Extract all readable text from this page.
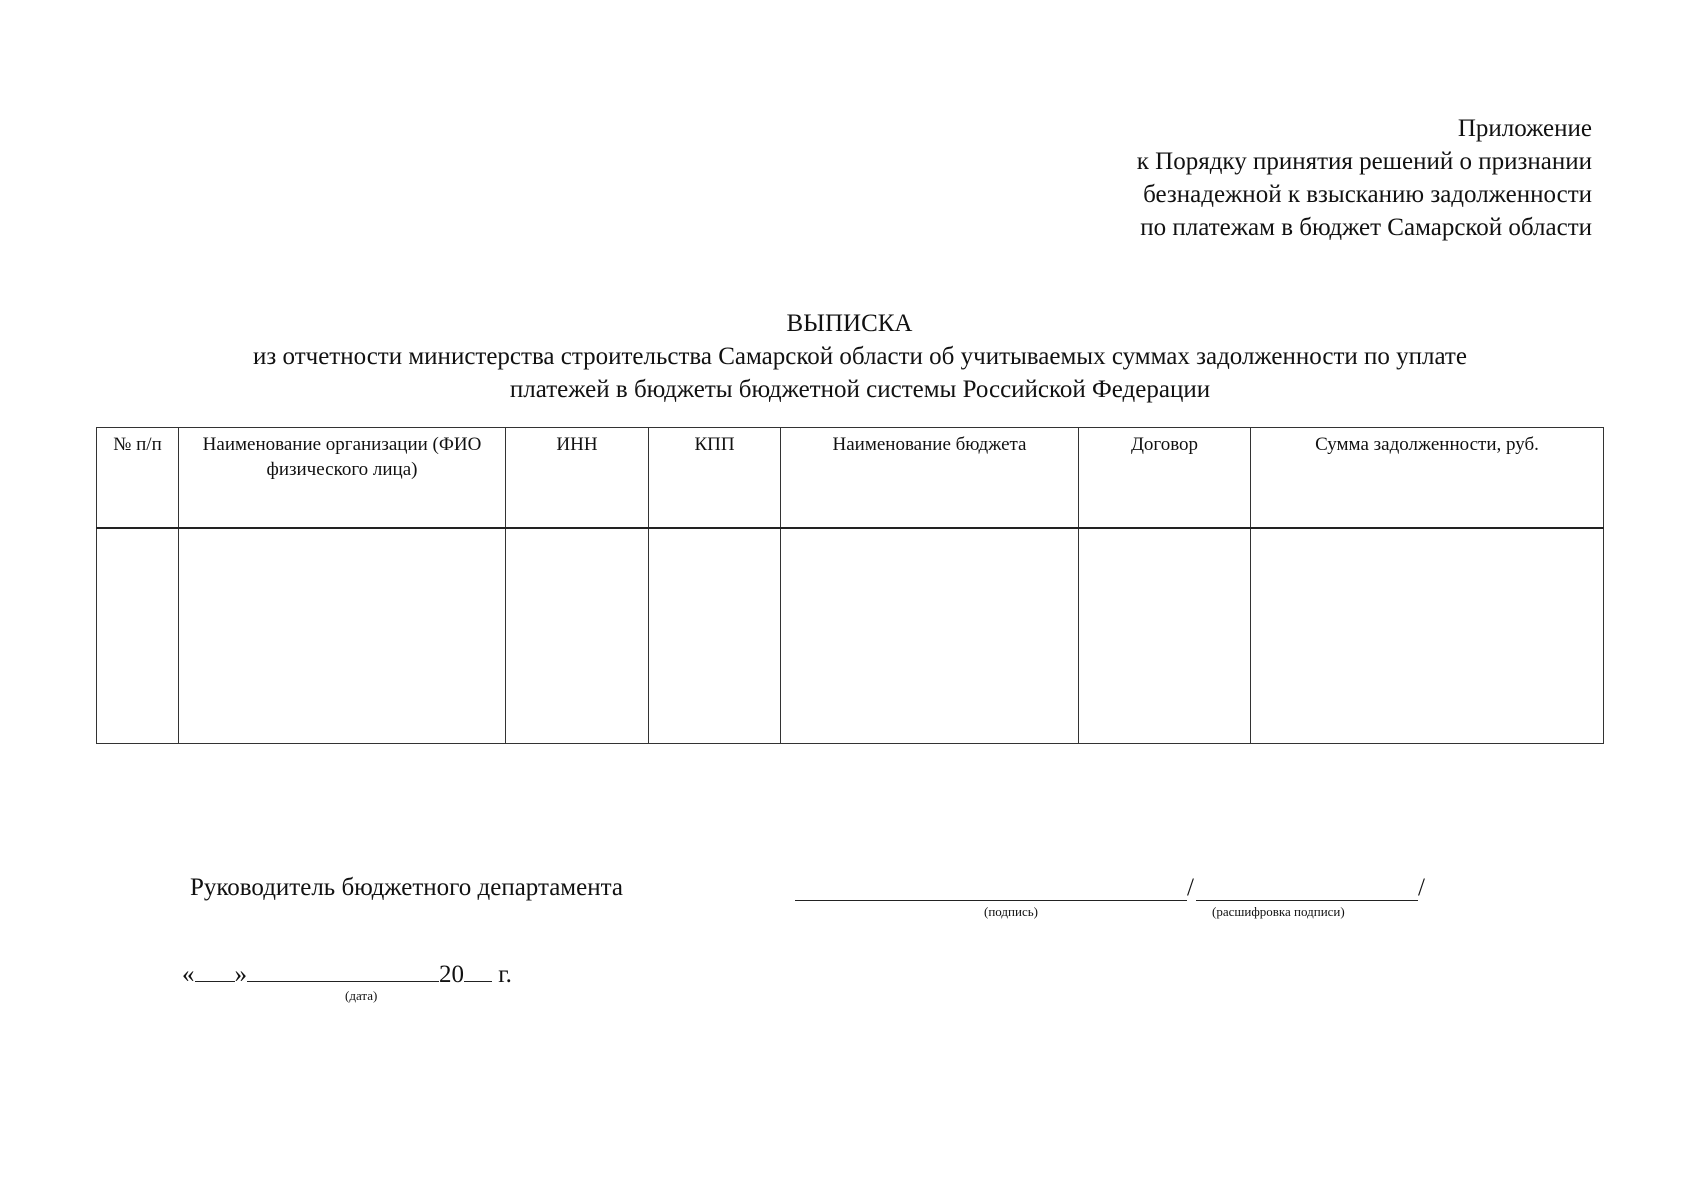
Приложение
к Порядку принятия решений о признании
безнадежной к взысканию задолженности
по платежам в бюджет Самарской области
ВЫПИСКА
из отчетности министерства строительства Самарской области об учитываемых суммах задолженности по уплате
платежей в бюджеты бюджетной системы Российской Федерации
№ п/п	Наименование организации (ФИО физического лица)	ИНН	КПП	Наименование бюджета	Договор	Сумма задолженности, руб.

Руководитель бюджетного департамента	/	/
(подпись)	(расшифровка подписи)
« »	20 г.
(дата)
